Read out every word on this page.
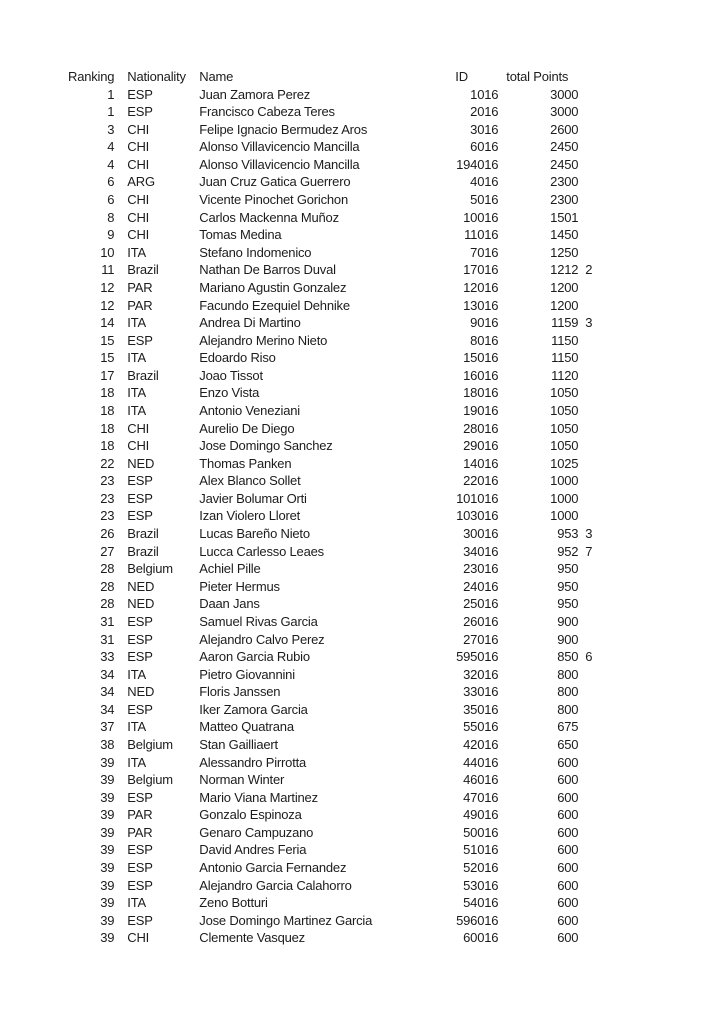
Ranking	Nationality	Name	ID	total Points	
1	ESP	Juan Zamora Perez	1016	3000	
1	ESP	Francisco Cabeza Teres	2016	3000	
3	CHI	Felipe Ignacio Bermudez Aros	3016	2600	
4	CHI	Alonso Villavicencio Mancilla	6016	2450	
4	CHI	Alonso Villavicencio Mancilla	194016	2450	
6	ARG	Juan Cruz Gatica Guerrero	4016	2300	
6	CHI	Vicente Pinochet Gorichon	5016	2300	
8	CHI	Carlos Mackenna Muñoz	10016	1501	
9	CHI	Tomas Medina	11016	1450	
10	ITA	Stefano Indomenico	7016	1250	
11	Brazil	Nathan De Barros Duval	17016	1212	2
12	PAR	Mariano Agustin Gonzalez	12016	1200	
12	PAR	Facundo Ezequiel Dehnike	13016	1200	
14	ITA	Andrea Di Martino	9016	1159	3
15	ESP	Alejandro Merino Nieto	8016	1150	
15	ITA	Edoardo Riso	15016	1150	
17	Brazil	Joao Tissot	16016	1120	
18	ITA	Enzo Vista	18016	1050	
18	ITA	Antonio Veneziani	19016	1050	
18	CHI	Aurelio De Diego	28016	1050	
18	CHI	Jose Domingo Sanchez	29016	1050	
22	NED	Thomas Panken	14016	1025	
23	ESP	Alex Blanco Sollet	22016	1000	
23	ESP	Javier Bolumar Orti	101016	1000	
23	ESP	Izan Violero Lloret	103016	1000	
26	Brazil	Lucas Bareño Nieto	30016	953	3
27	Brazil	Lucca Carlesso Leaes	34016	952	7
28	Belgium	Achiel Pille	23016	950	
28	NED	Pieter Hermus	24016	950	
28	NED	Daan Jans	25016	950	
31	ESP	Samuel Rivas Garcia	26016	900	
31	ESP	Alejandro Calvo Perez	27016	900	
33	ESP	Aaron Garcia Rubio	595016	850	6
34	ITA	Pietro Giovannini	32016	800	
34	NED	Floris Janssen	33016	800	
34	ESP	Iker Zamora Garcia	35016	800	
37	ITA	Matteo Quatrana	55016	675	
38	Belgium	Stan Gailliaert	42016	650	
39	ITA	Alessandro Pirrotta	44016	600	
39	Belgium	Norman Winter	46016	600	
39	ESP	Mario Viana Martinez	47016	600	
39	PAR	Gonzalo Espinoza	49016	600	
39	PAR	Genaro Campuzano	50016	600	
39	ESP	David Andres Feria	51016	600	
39	ESP	Antonio Garcia Fernandez	52016	600	
39	ESP	Alejandro Garcia Calahorro	53016	600	
39	ITA	Zeno Botturi	54016	600	
39	ESP	Jose Domingo Martinez Garcia	596016	600	
39	CHI	Clemente Vasquez	60016	600	
